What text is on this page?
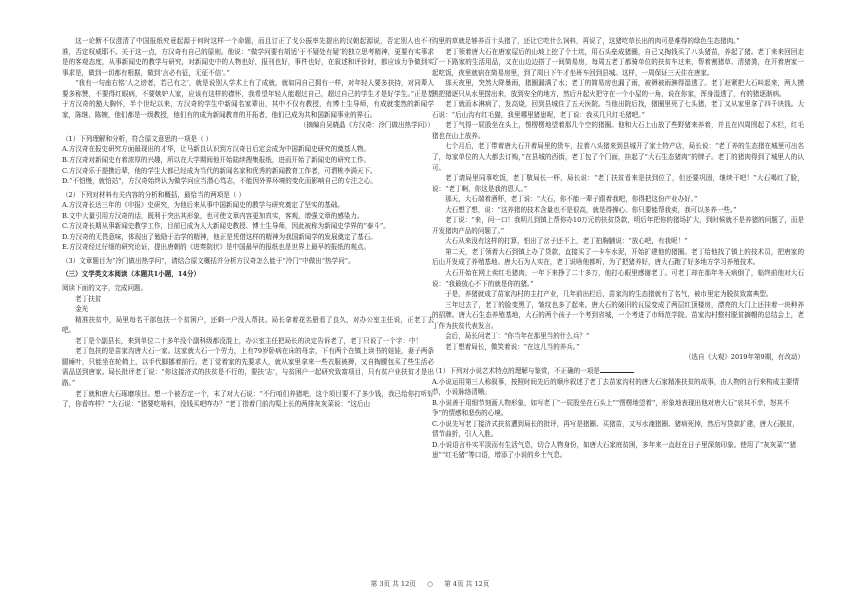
这一论断不仅澄清了中国报纸究竟起源于何时这样一个命题，而且订正了戈公振率先提出的汉朝起源说，否定别人也不不准，否定权威耶不。关于这一点，方汉奇有自己的原则。他说：“做学问要有胡适‘于不疑处有疑’的独立思考精神，更要有实事求是的客观态度，从事新闻史的教学与研究，对新闻史中的人物也好，报刊也好，事件也好，在叙述和评价时，都应该力争做到实事求是，做到一切都有根据，做到‘言必有征，无征不信’。”

“我有一句座右铭‘人之谤者，若己有之’，就是说别人学术上有了成就，就如同自己拥有一样，对年轻人要多扶持，对同辈人要多称赞，不要得红眼病，不要嫉妒人家，应该有这样的襟怀，我希望年轻人能超过自己，超过自己的学生才是好学生。”正是基于方汉奇的豁大胸怀，半个世纪以来，方汉奇的学生中新闻名家辈出，其中不仅有教授，有博士生导师，有成就斐然的新闻学家，陈继、陈婉，他们都是一级教授，他们有的成为新闻教育的开拓者，他们已成为共和国新闻事业的界石。

（摘编自吴晓晶《方汉奇：泠门做出热学问》）

（1）下列理解和分析，符合原文意思的一项是（ ）

A.方汉奇在报史研究方面最现出的才华，让马新良认识到方汉奇日后定会成为中国新闻史研究的奠基人物。

B.方汉奇对新闻史有着浓厚的兴趣，所以在大学期间他开始陆续搜集报纸，进而开始了新闻史的研究工作。

C.方汉奇乐于提携后辈，他的学生大都已经成为当代的新闻名家和优秀的新闻教育工作者，可谓桃李满天下。

D.“不怕慢，就怕站”，方汉奇始终认为做学问应当潜心笃志，不能因外界环境的变化而影响自己的专注之心。

（2）下列对材料有关内容的分析和概括，最恰当的两项是（ ）

A.方汉奇长达三年的《申报》史研究，为他后来从事中国新闻史的教学与研究奠定了坚实的基础。

B.文中大量引用方汉奇的话，既利于突出其形象，也可使文章内容更加真实，客观，增强文章的感染力。

C.方汉奇长期从事新闻史教学工作，目前已成为人大新闻史教授、博士生导师，因此被称为新闻史学界的“泰斗”。

D.方汉奇的无畏意味，体现出了勉励于治学的精神，他正是凭借这样的精神为我国新闻学的发展奠定了基石。

E.方汉奇经过仔细的研究论证，提出唐朝的《进奏院状》是中国最早的报纸也是世界上最早的报纸的观点。

（3）文章题目为“冷门做出热学问”，请结合原文概括并分析方汉奇怎么能于“冷门”中做出“热学问”。

（三）文学类文本阅读（本题共1小题，14分）

阅读下面的文字，完成问题。

老丁扶贫

金光

精准扶贫中，局里每名干部包扶一个贫困户，还剩一户没人帮扶。局长拿着花名册看了良久，对办公室主任说，正老丁去吧。

老丁是个副县长，来到单位二十多年没个副科级都没混上，办公室主任把局长的决定告诉老了，老丁只说了一个字：中！

老丁包扶的是苗家沟唐大石一家。这家就大石一个劳力，上有79岁卧病在床的母亲，下有两个在镇上读书的娃娃，妻子两条腿瘫叶，只能坐在轮椅上，以手代脚挪着前行。老丁觉着家的先要求人，就从家里拿来一些衣服被褥，又自掏腰包买了些生活必需品送到唐家。局长批评老丁说：“你这接济式的扶贫是不行的，要扶‘志’，与贫困户一起研究致富项目，只有贫户业扶贫才是出路。”

老丁就和唐大石琢磨项目。想一个被否定一个，末了对大石说：“不行咱们养猪吧，这个项目要不了多少钱，我已给你打听好了，你看咋样？”大石说：“猪要吃啥料，没钱买吧咋办？”老丁指着门前沟渠上长的两排灰灰菜说：“这后山

沟里的草就足够养百十头猪了，还让它吃什么饲料，再说了，这猪吃草长出的肉可是难得的绿色生态猪肉。”

老丁领着唐大石在唐家屋后的山坡上挖了个土坑，用石头垒成猪圈，自己又掏钱买了八头猪苗，养起了猪。老丁来来回回走了一下路家的生活用品，又在山边边搭了一间简易房，每周五老丁都骑单位的扶贫车过来，帮着割猪草、清猪粪，在开着唐家一起吃饭，夜里就宿在简易房里，到了周日下午才坐班车回到县城。这样，一周保证三天住在唐家。

那天夜里，突然大降暴雨，猪圈漏满了水；老丁的简易房也漏了雨，被褥被雨淋得湿透了。老丁赶紧把大石叫起来，两人摸黑把猪逐只从水里捞出来，放到安全的地方，然后升起火把守在一个小屋的一角，说在你家，浑身湿透了，有的猪逐渐病。

老丁就而本淋病了，发高烧，回到县城住了五天医院。当他出院后找，猪圈里死了七头猪，老丁又从家里拿了四千块钱。大石说：“后山沟有红毛猫，我里哪里猪崽呢，老丁说：我买几只红毛猪吧。”

老丁气得一屁股坐在头上，愣楞楞地望着那几个空的猪圈。他和大石上山放了些野猪来养着，并且在四周围起了木栏，红毛猪也在山上放养。

七个月后，老丁带着唐大石开着局里的货车，拉着八头猪来到县城开了家土特产店，局长说：“老丁养的生态猪在城里可出名了，每家单位的人大都去订购，”在县城的西街，老丁包了个门面，挂起了“大石生态猪肉”的牌子。老丁的猪肉得到了城里人的认可。

老丁请局里同事吃饭，老丁敬局长一杯，局长说：“老丁扶贫看来是扶到位了，但还要巩固，继续干吧！”大石喝红了脸，说：“老丁啊，你这是我的恩人。”

那天，大石端着酒杯，老丁说：“大石，你不能一辈子跟着我吧，你得把这份产业办好。”

大石想了想，说：“这养猪的技术含量也不是很高，就是得操心。你只要能帮我卖，我可以多养一些。”

老丁说：“来，问一口！我明儿到镇上帮你办10万元的扶贫贷款，明后年把你的猪场扩大，到时候就不是养猪的问题了，而是开发猪肉产品的问题了。”

大石从来没有这样的打算，怕出了岔子还不上，老丁拍胸脯说：“放心吧，有我呢！”

第二天，老丁领着大石到镇上办了贷款，直接买了一卡车水泥，开始扩建他的猪圈。老丁给他找了镇上的技术员，把唐家的后山开发成了养殖基地。唐大石为人实在，老丁说啥他都听，为了把猪养好，唐大石跑了好多地方学习养殖技术。

大石开始在网上卖红毛猪肉，一年下来挣了二十多万，他打心眼里感谢老丁。可老丁却在那年冬天病倒了，临终前他对大石说：“我最放心不下的就是你的猪。”

于是，养猪就成了苗家沟村的主打产业，几年前出栏后，苗家沟的生态猪就有了名气，被市里定为脱贫致富典型。

三年过去了，老丁的脸变黑了，皱纹也多了起来。唐大石的破旧的瓦屋变成了两层红顶楼房，漂亮的大门上还挂着一块种养的招牌。唐大石生态养殖基地，大石的两个孩子一个考到省城，一个考进了市师范学院。苗家沟村整村脱贫摘帽的总结会上，老丁作为扶贫代表发言。

会后，局长问老丁：“你当年在那里当的什么兵？”

老丁想着局长，微笑着说：“在这儿当的养兵。”

（选自《大观》2019年第9期，有改动）

（1）下列对小说艺术特点的理解与鉴赏，不正确的一项是

A.小说运用第三人称叙事，按照时间先后的顺序叙述了老丁去苗家沟村的唐大石家精准扶贫的故事，由人物的言行来构成主要情节，小说脉络清晰。

B.小说善于用细节刻画人物形象，如写老丁“一屁股坐在石头上”“愣楞地望着”，形象地表现出他对唐大石“哀其不幸，怒其不争”的情感和悲伤的心境。

C.小说先写老丁接济式扶贫遭到局长的批评，再写是猪圈、买猪苗，又写水淹猪圈、猪病死掉，然后写贷款扩建，唐大石脱贫，情节曲折，引人入胜。

D.小说语言朴实平淡而有生活气息，切合人物身份，如唐大石家庭贫困，多年来一直赶在日子里深刻印象。使用了“灰灰菜”“猪崽”“红毛猪”等口语，增添了小说的乡土气息。

第 3页 共 12页 ○ 第 4页 共 12页
